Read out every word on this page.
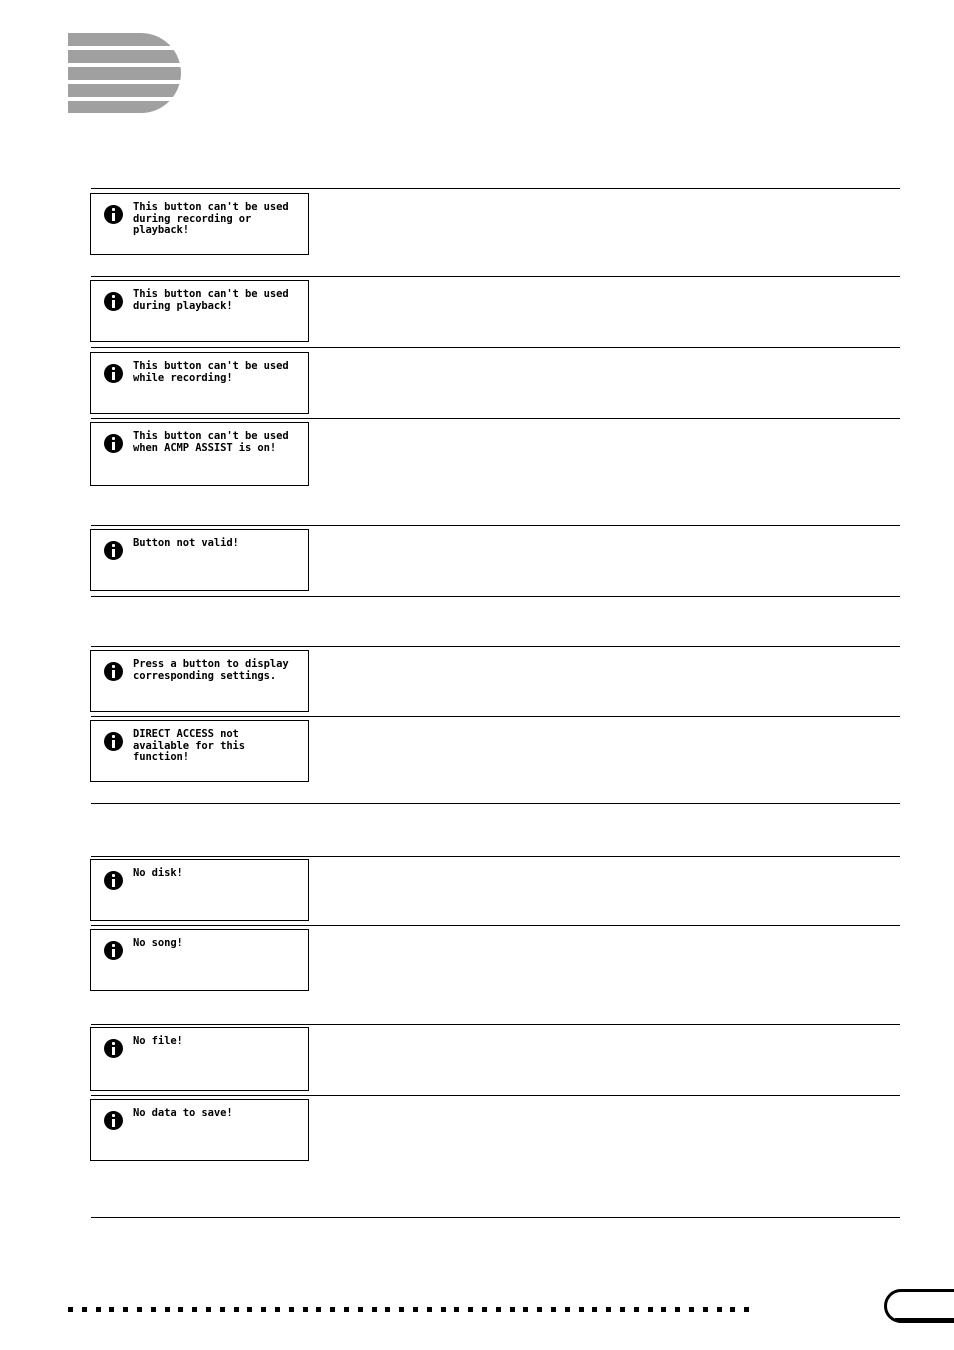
This button can't be used
during recording or
playback!
This button can't be used
during playback!
This button can't be used
while recording!
This button can't be used
when ACMP ASSIST is on!
Button not valid!
Press a button to display
corresponding settings.
DIRECT ACCESS not
available for this function!
No disk!
No song!
No file!
No data to save!
